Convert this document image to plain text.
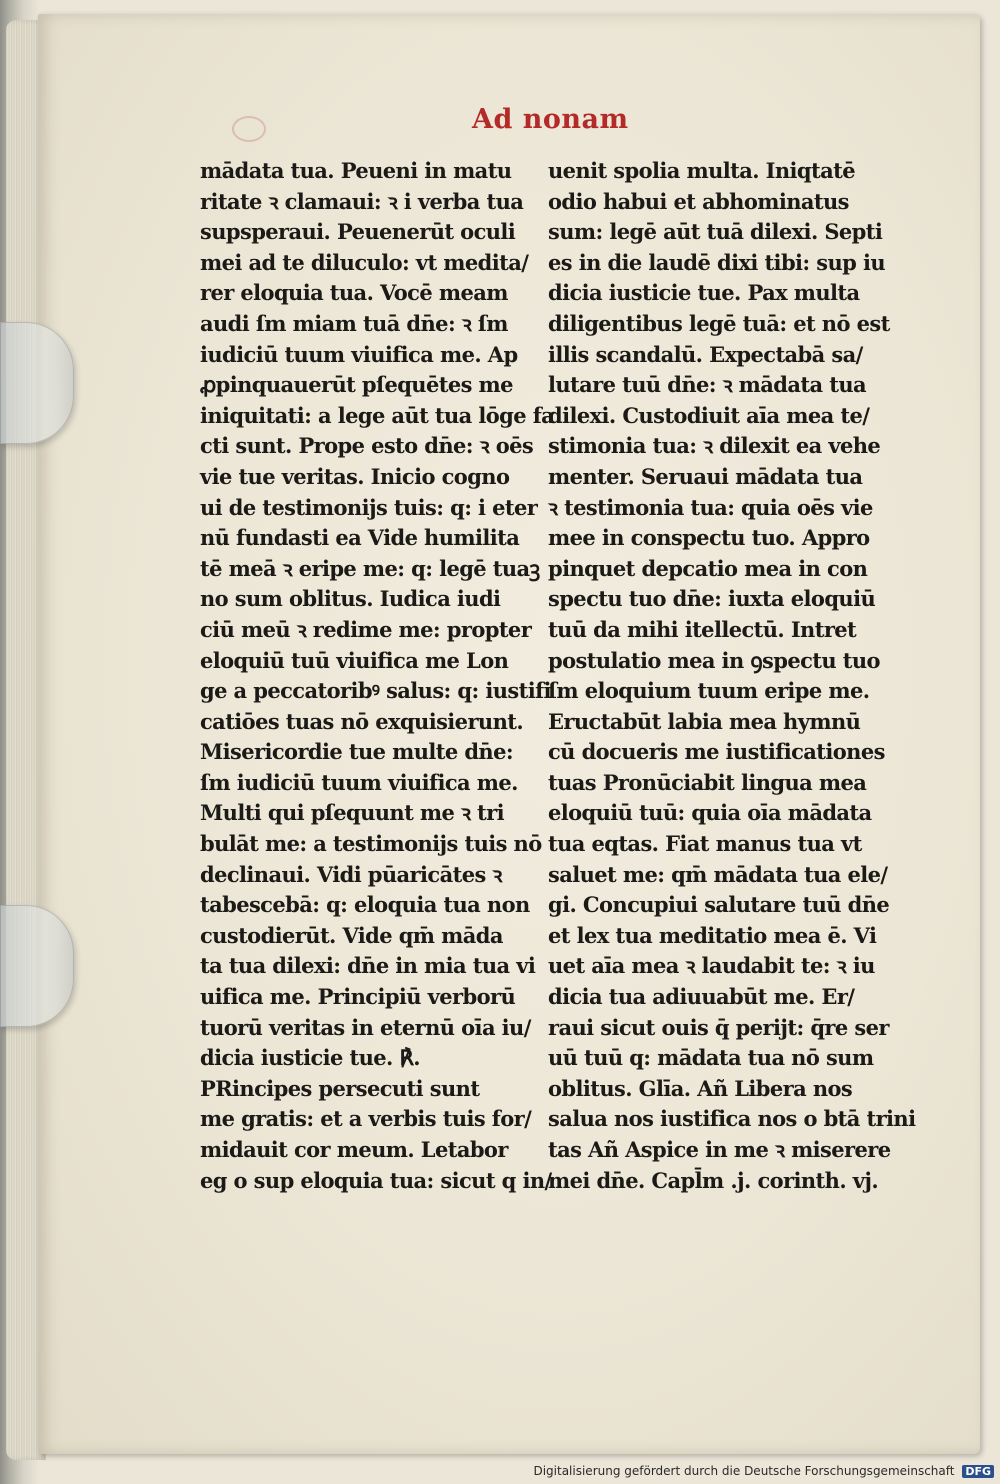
Ad nonam
mādata tua. Peueni in matu
ritate ꝛ clamaui: ꝛ i verba tua
supsperaui. Peuenerūt oculi
mei ad te diluculo: vt medita/
rer eloquia tua. Vocē meam
audi ſm miam tuā dn̄e: ꝛ ſm
iudiciū tuum viuifica me. Ap
ꝓpinquauerūt pſequētes me
iniquitati: a lege aūt tua lōge fa
cti sunt. Prope esto dn̄e: ꝛ oēs
vie tue veritas. Inicio cogno
ui de testimonijs tuis: q: i eter
nū fundasti ea Vide humilita
tē meā ꝛ eripe me: q: legē tuaꝫ
no sum oblitus. Iudica iudi
ciū meū ꝛ redime me: propter
eloquiū tuū viuifica me Lon
ge a peccatoribꝰ salus: q: iustifi
catiōes tuas nō exquisierunt.
Misericordie tue multe dn̄e:
ſm iudiciū tuum viuifica me.
Multi qui pſequunt me ꝛ tri
bulāt me: a testimonijs tuis nō
declinaui. Vidi pūaricātes ꝛ
tabescebā: q: eloquia tua non
custodierūt. Vide qm̄ māda
ta tua dilexi: dn̄e in mia tua vi
uifica me. Principiū verborū
tuorū veritas in eternū oīa iu/
dicia iusticie tue. ℟.
PRincipes persecuti sunt
me gratis: et a verbis tuis for/
midauit cor meum. Letabor
eg o sup eloquia tua: sicut q in/
uenit spolia multa. Iniqtatē
odio habui et abhominatus
sum: legē aūt tuā dilexi. Septi
es in die laudē dixi tibi: sup iu
dicia iusticie tue. Pax multa
diligentibus legē tuā: et nō est
illis scandalū. Expectabā sa/
lutare tuū dn̄e: ꝛ mādata tua
dilexi. Custodiuit aīa mea te/
stimonia tua: ꝛ dilexit ea vehe
menter. Seruaui mādata tua
ꝛ testimonia tua: quia oēs vie
mee in conspectu tuo. Appro
pinquet depcatio mea in con
spectu tuo dn̄e: iuxta eloquiū
tuū da mihi itellectū. Intret
postulatio mea in ꝯspectu tuo
ſm eloquium tuum eripe me.
Eructabūt labia mea hymnū
cū docueris me iustificationes
tuas Pronūciabit lingua mea
eloquiū tuū: quia oīa mādata
tua eqtas. Fiat manus tua vt
saluet me: qm̄ mādata tua ele/
gi. Concupiui salutare tuū dn̄e
et lex tua meditatio mea ē. Vi
uet aīa mea ꝛ laudabit te: ꝛ iu
dicia tua adiuuabūt me. Er/
raui sicut ouis q̄ perijt: q̄re ser
uū tuū q: mādata tua nō sum
oblitus. Glīa. Añ Libera nos
salua nos iustifica nos o btā trini
tas Añ Aspice in me ꝛ miserere
mei dn̄e. Capl̄m .j. corinth. vj.
Digitalisierung gefördert durch die Deutsche Forschungsgemeinschaft DFG
